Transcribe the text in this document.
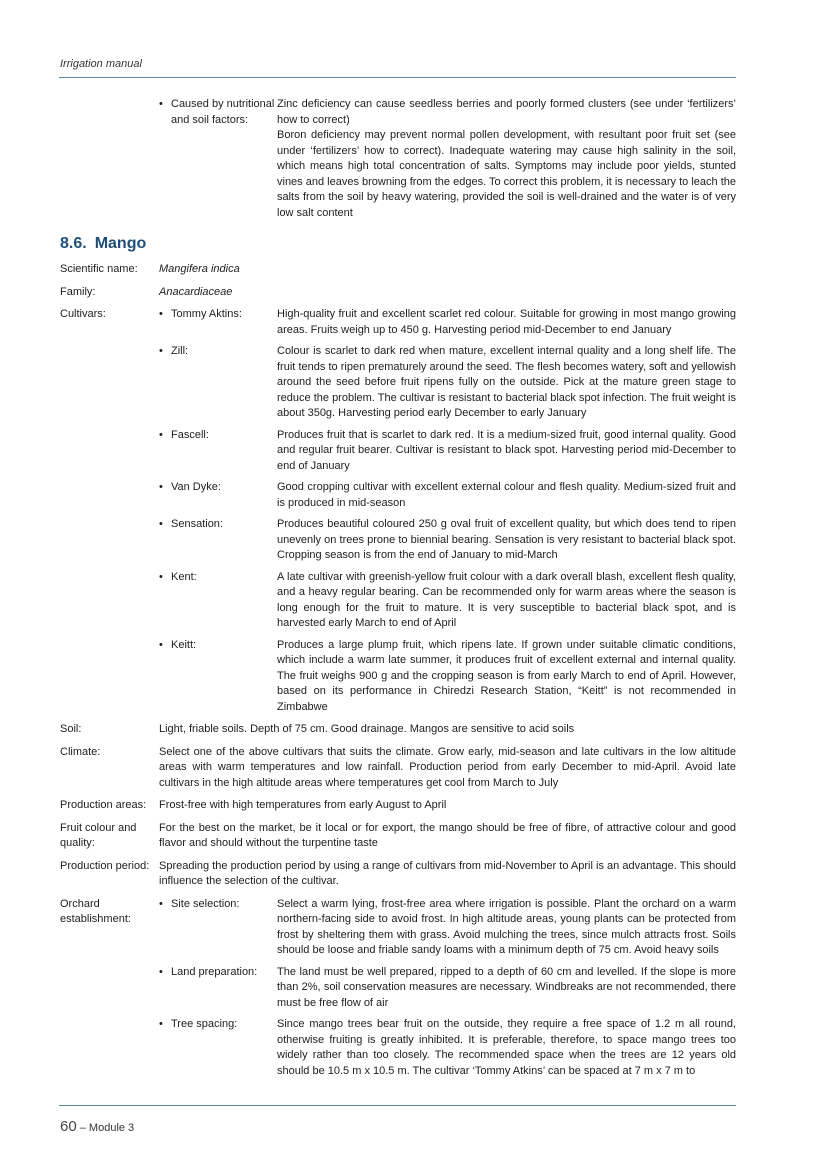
Irrigation manual
• Caused by nutritional and soil factors:

Zinc deficiency can cause seedless berries and poorly formed clusters (see under ‘fertilizers’ how to correct)

Boron deficiency may prevent normal pollen development, with resultant poor fruit set (see under ‘fertilizers’ how to correct). Inadequate watering may cause high salinity in the soil, which means high total concentration of salts. Symptoms may include poor yields, stunted vines and leaves browning from the edges. To correct this problem, it is necessary to leach the salts from the soil by heavy watering, provided the soil is well-drained and the water is of very low salt content

8.6. Mango
Scientific name:	Mangifera indica
Family:	Anacardiaceae
Cultivars:	• Tommy Aktins:	High-quality fruit and excellent scarlet red colour. Suitable for growing in most mango growing areas. Fruits weigh up to 450 g. Harvesting period mid-December to end January
• Zill:	Colour is scarlet to dark red when mature, excellent internal quality and a long shelf life. The fruit tends to ripen prematurely around the seed. The flesh becomes watery, soft and yellowish around the seed before fruit ripens fully on the outside. Pick at the mature green stage to reduce the problem. The cultivar is resistant to bacterial black spot infection. The fruit weight is about 350g. Harvesting period early December to early January
• Fascell:	Produces fruit that is scarlet to dark red. It is a medium-sized fruit, good internal quality. Good and regular fruit bearer. Cultivar is resistant to black spot. Harvesting period mid-December to end of January
• Van Dyke:	Good cropping cultivar with excellent external colour and flesh quality. Medium-sized fruit and is produced in mid-season
• Sensation:	Produces beautiful coloured 250 g oval fruit of excellent quality, but which does tend to ripen unevenly on trees prone to biennial bearing. Sensation is very resistant to bacterial black spot. Cropping season is from the end of January to mid-March
• Kent:	A late cultivar with greenish-yellow fruit colour with a dark overall blash, excellent flesh quality, and a heavy regular bearing. Can be recommended only for warm areas where the season is long enough for the fruit to mature. It is very susceptible to bacterial black spot, and is harvested early March to end of April
• Keitt:	Produces a large plump fruit, which ripens late. If grown under suitable climatic conditions, which include a warm late summer, it produces fruit of excellent external and internal quality. The fruit weighs 900 g and the cropping season is from early March to end of April. However, based on its performance in Chiredzi Research Station, “Keitt” is not recommended in Zimbabwe
Soil:	Light, friable soils. Depth of 75 cm. Good drainage. Mangos are sensitive to acid soils
Climate:	Select one of the above cultivars that suits the climate. Grow early, mid-season and late cultivars in the low altitude areas with warm temperatures and low rainfall. Production period from early December to mid-April. Avoid late cultivars in the high altitude areas where temperatures get cool from March to July
Production areas:	Frost-free with high temperatures from early August to April
Fruit colour and quality:
For the best on the market, be it local or for export, the mango should be free of fibre, of attractive colour and good flavor and should without the turpentine taste
Production period: Spreading the production period by using a range of cultivars from mid-November to April is an advantage. This should influence the selection of the cultivar.
Orchard establishment:
• Site selection:	Select a warm lying, frost-free area where irrigation is possible. Plant the orchard on a warm northern-facing side to avoid frost. In high altitude areas, young plants can be protected from frost by sheltering them with grass. Avoid mulching the trees, since mulch attracts frost. Soils should be loose and friable sandy loams with a minimum depth of 75 cm. Avoid heavy soils
• Land preparation:	The land must be well prepared, ripped to a depth of 60 cm and levelled. If the slope is more than 2%, soil conservation measures are necessary. Windbreaks are not recommended, there must be free flow of air
• Tree spacing:	Since mango trees bear fruit on the outside, they require a free space of 1.2 m all round, otherwise fruiting is greatly inhibited. It is preferable, therefore, to space mango trees too widely rather than too closely. The recommended space when the trees are 12 years old should be 10.5 m x 10.5 m. The cultivar ‘Tommy Atkins’ can be spaced at 7 m x 7 m to
60 – Module 3
